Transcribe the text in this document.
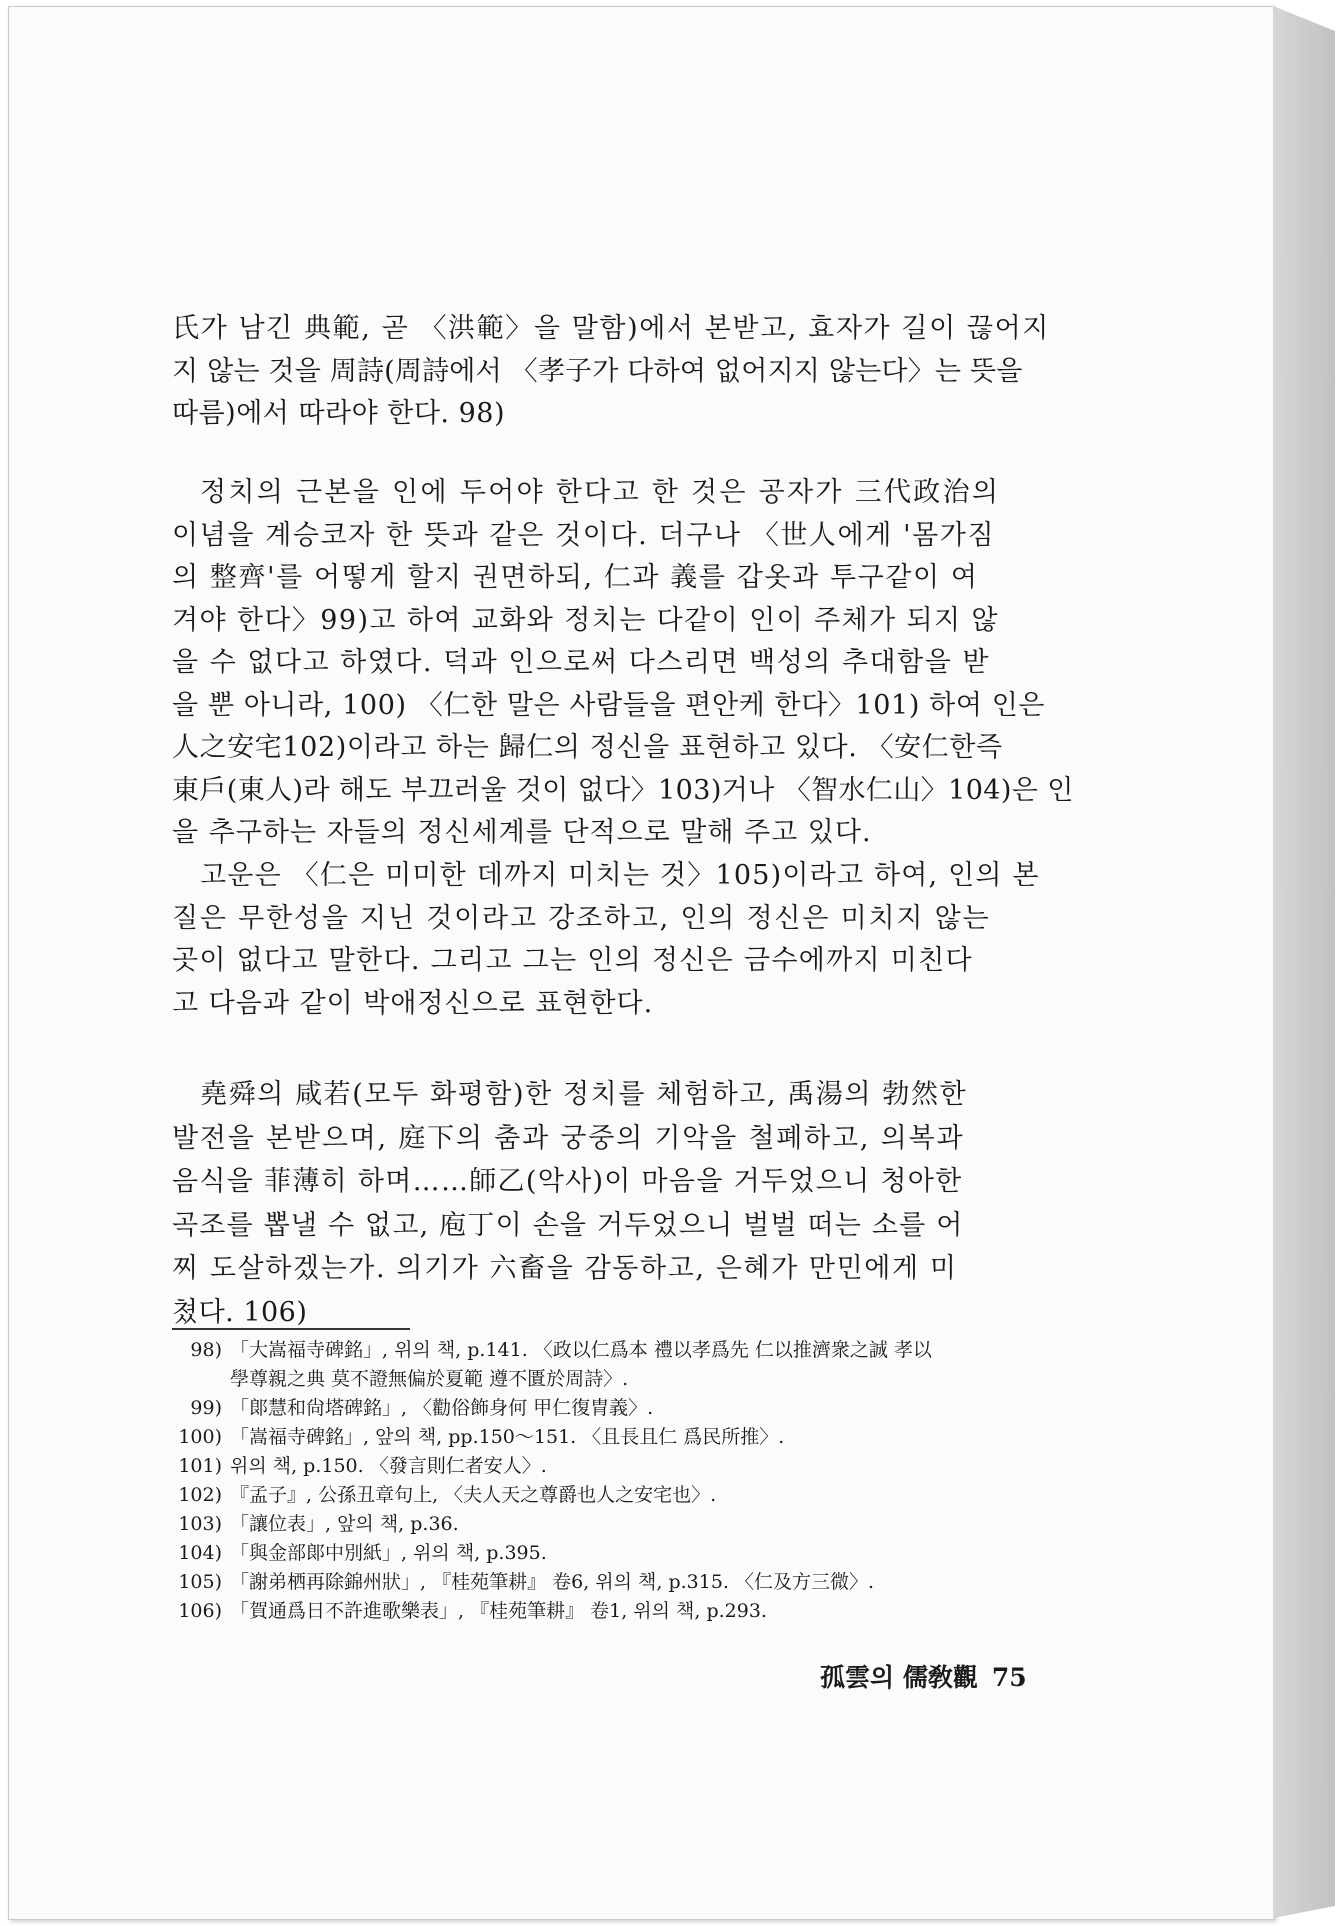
氏가 남긴 典範, 곧 〈洪範〉을 말함)에서 본받고, 효자가 길이 끊어지
지 않는 것을 周詩(周詩에서 〈孝子가 다하여 없어지지 않는다〉는 뜻을
따름)에서 따라야 한다. 98)
정치의 근본을 인에 두어야 한다고 한 것은 공자가 三代政治의
이념을 계승코자 한 뜻과 같은 것이다. 더구나 〈世人에게 '몸가짐
의 整齊'를 어떻게 할지 권면하되, 仁과 義를 갑옷과 투구같이 여
겨야 한다〉99)고 하여 교화와 정치는 다같이 인이 주체가 되지 않
을 수 없다고 하였다. 덕과 인으로써 다스리면 백성의 추대함을 받
을 뿐 아니라, 100) 〈仁한 말은 사람들을 편안케 한다〉101) 하여 인은
人之安宅102)이라고 하는 歸仁의 정신을 표현하고 있다. 〈安仁한즉
東戶(東人)라 해도 부끄러울 것이 없다〉103)거나 〈智水仁山〉104)은 인
을 추구하는 자들의 정신세계를 단적으로 말해 주고 있다.
고운은 〈仁은 미미한 데까지 미치는 것〉105)이라고 하여, 인의 본
질은 무한성을 지닌 것이라고 강조하고, 인의 정신은 미치지 않는
곳이 없다고 말한다. 그리고 그는 인의 정신은 금수에까지 미친다
고 다음과 같이 박애정신으로 표현한다.
堯舜의 咸若(모두 화평함)한 정치를 체험하고, 禹湯의 勃然한
발전을 본받으며, 庭下의 춤과 궁중의 기악을 철폐하고, 의복과
음식을 菲薄히 하며……師乙(악사)이 마음을 거두었으니 청아한
곡조를 뽑낼 수 없고, 庖丁이 손을 거두었으니 벌벌 떠는 소를 어
찌 도살하겠는가. 의기가 六畜을 감동하고, 은혜가 만민에게 미
쳤다. 106)
98) 「大嵩福寺碑銘」, 위의 책, p.141. 〈政以仁爲本 禮以孝爲先 仁以推濟衆之誠 孝以
學尊親之典 莫不證無偏於夏範 遵不匱於周詩〉.
99) 「郞慧和尙塔碑銘」, 〈勸俗飾身何 甲仁復胄義〉.
100) 「嵩福寺碑銘」, 앞의 책, pp.150～151. 〈且長且仁 爲民所推〉.
101) 위의 책, p.150. 〈發言則仁者安人〉.
102) 『孟子』, 公孫丑章句上, 〈夫人天之尊爵也人之安宅也〉.
103) 「讓位表」, 앞의 책, p.36.
104) 「與金部郞中別紙」, 위의 책, p.395.
105) 「謝弟栖再除錦州狀」, 『桂苑筆耕』 卷6, 위의 책, p.315. 〈仁及方三微〉.
106) 「賀通爲日不許進歌樂表」, 『桂苑筆耕』 卷1, 위의 책, p.293.
孤雲의 儒敎觀 75
